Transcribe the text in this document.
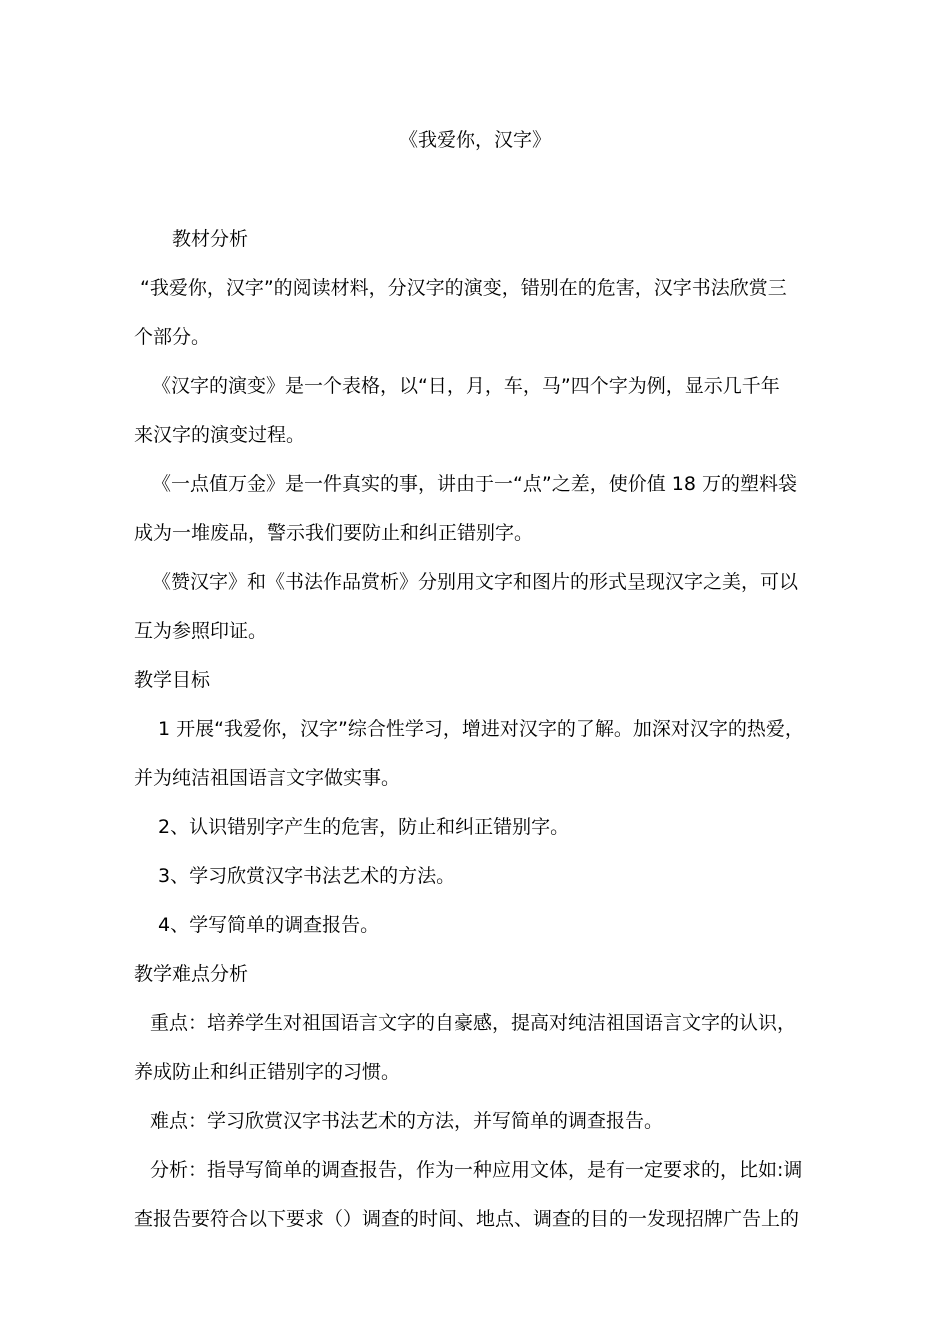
《我爱你，汉字》
教材分析
“我爱你，汉字”的阅读材料，分汉字的演变，错别在的危害，汉字书法欣赏三
个部分。
《汉字的演变》是一个表格，以“日，月，车，马”四个字为例，显示几千年
来汉字的演变过程。
《一点值万金》是一件真实的事，讲由于一“点”之差，使价值 18 万的塑料袋
成为一堆废品，警示我们要防止和纠正错别字。
《赞汉字》和《书法作品赏析》分别用文字和图片的形式呈现汉字之美，可以
互为参照印证。
教学目标
1 开展“我爱你，汉字”综合性学习，增进对汉字的了解。加深对汉字的热爱，
并为纯洁祖国语言文字做实事。
2、认识错别字产生的危害，防止和纠正错别字。
3、学习欣赏汉字书法艺术的方法。
4、学写简单的调查报告。
教学难点分析
重点：培养学生对祖国语言文字的自豪感，提高对纯洁祖国语言文字的认识，
养成防止和纠正错别字的习惯。
难点：学习欣赏汉字书法艺术的方法，并写简单的调查报告。
分析：指导写简单的调查报告，作为一种应用文体，是有一定要求的，比如:调
查报告要符合以下要求（）调查的时间、地点、调查的目的一发现招牌广告上的
